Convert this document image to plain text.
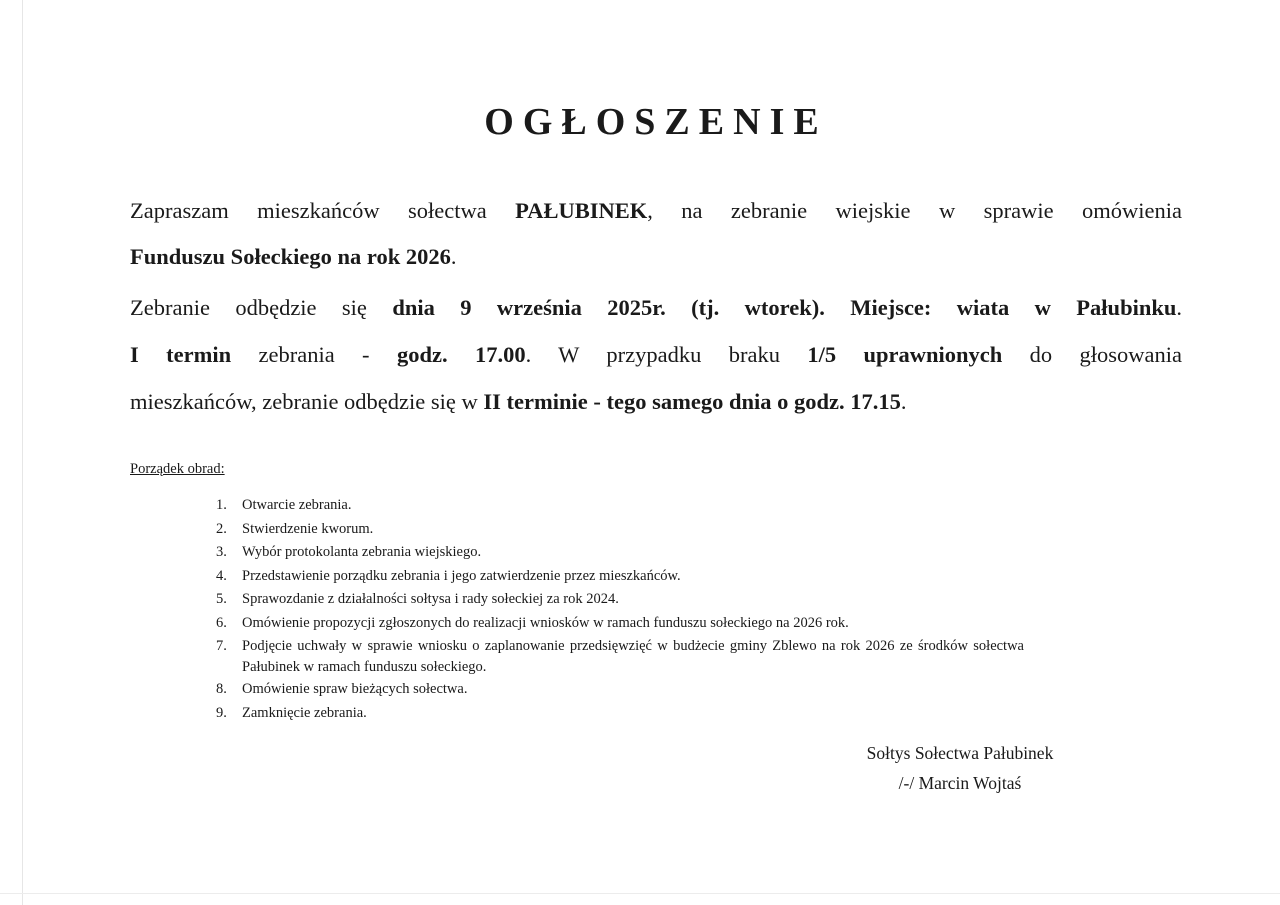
OGŁOSZENIE

Zapraszam mieszkańców sołectwa PAŁUBINEK, na zebranie wiejskie w sprawie omówienia

Funduszu Sołeckiego na rok 2026.

Zebranie odbędzie się dnia 9 września 2025r. (tj. wtorek). Miejsce: wiata w Pałubinku.

I termin zebrania - godz. 17.00. W przypadku braku 1/5 uprawnionych do głosowania

mieszkańców, zebranie odbędzie się w II terminie - tego samego dnia o godz. 17.15.

Porządek obrad:

1. Otwarcie zebrania.
2. Stwierdzenie kworum.
3. Wybór protokolanta zebrania wiejskiego.
4. Przedstawienie porządku zebrania i jego zatwierdzenie przez mieszkańców.
5. Sprawozdanie z działalności sołtysa i rady sołeckiej za rok 2024.
6. Omówienie propozycji zgłoszonych do realizacji wniosków w ramach funduszu sołeckiego na 2026 rok.
7. Podjęcie uchwały w sprawie wniosku o zaplanowanie przedsięwzięć w budżecie gminy Zblewo na rok 2026 ze środków sołectwa Pałubinek w ramach funduszu sołeckiego.
8. Omówienie spraw bieżących sołectwa.
9. Zamknięcie zebrania.
Sołtys Sołectwa Pałubinek
/-/ Marcin Wojtaś
